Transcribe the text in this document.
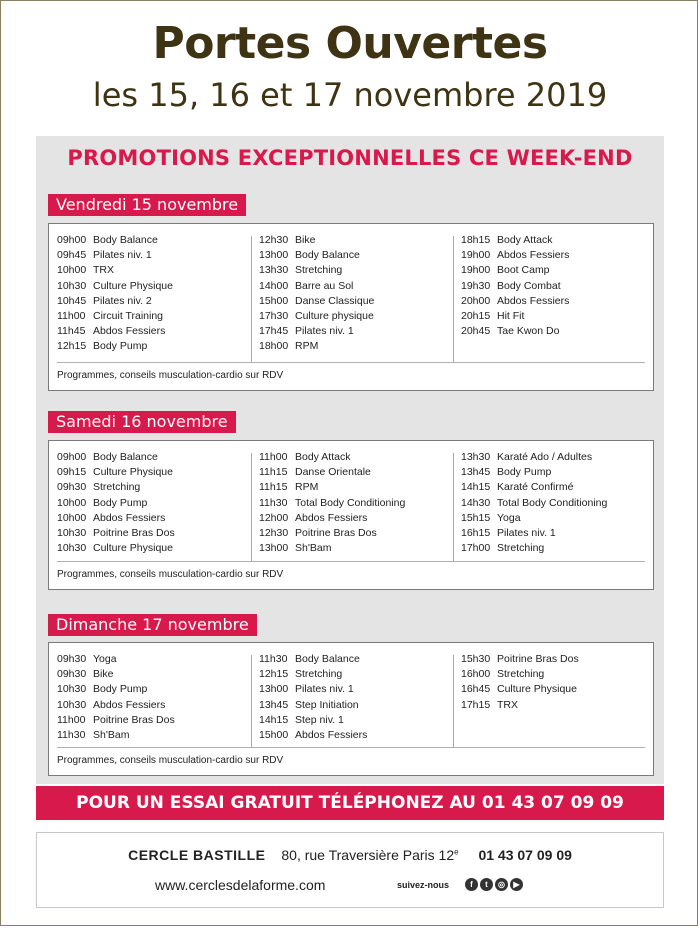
Portes Ouvertes
les 15, 16 et 17 novembre 2019
PROMOTIONS EXCEPTIONNELLES CE WEEK-END
Vendredi 15 novembre
09h00 Body Balance
09h45 Pilates niv. 1
10h00 TRX
10h30 Culture Physique
10h45 Pilates niv. 2
11h00 Circuit Training
11h45 Abdos Fessiers
12h15 Body Pump
12h30 Bike
13h00 Body Balance
13h30 Stretching
14h00 Barre au Sol
15h00 Danse Classique
17h30 Culture physique
17h45 Pilates niv. 1
18h00 RPM
18h15 Body Attack
19h00 Abdos Fessiers
19h00 Boot Camp
19h30 Body Combat
20h00 Abdos Fessiers
20h15 Hit Fit
20h45 Tae Kwon Do
Programmes, conseils musculation-cardio sur RDV
Samedi 16 novembre
09h00 Body Balance
09h15 Culture Physique
09h30 Stretching
10h00 Body Pump
10h00 Abdos Fessiers
10h30 Poitrine Bras Dos
10h30 Culture Physique
11h00 Body Attack
11h15 Danse Orientale
11h15 RPM
11h30 Total Body Conditioning
12h00 Abdos Fessiers
12h30 Poitrine Bras Dos
13h00 Sh'Bam
13h30 Karaté Ado / Adultes
13h45 Body Pump
14h15 Karaté Confirmé
14h30 Total Body Conditioning
15h15 Yoga
16h15 Pilates niv. 1
17h00 Stretching
Programmes, conseils musculation-cardio sur RDV
Dimanche 17 novembre
09h30 Yoga
09h30 Bike
10h30 Body Pump
10h30 Abdos Fessiers
11h00 Poitrine Bras Dos
11h30 Sh'Bam
11h30 Body Balance
12h15 Stretching
13h00 Pilates niv. 1
13h45 Step Initiation
14h15 Step niv. 1
15h00 Abdos Fessiers
15h30 Poitrine Bras Dos
16h00 Stretching
16h45 Culture Physique
17h15 TRX
Programmes, conseils musculation-cardio sur RDV
POUR UN ESSAI GRATUIT TÉLÉPHONEZ AU 01 43 07 09 09
CERCLE BASTILLE 80, rue Traversière Paris 12e 01 43 07 09 09
www.cerclesdelaforme.com	suivez-nous	f	t	◎	▶
